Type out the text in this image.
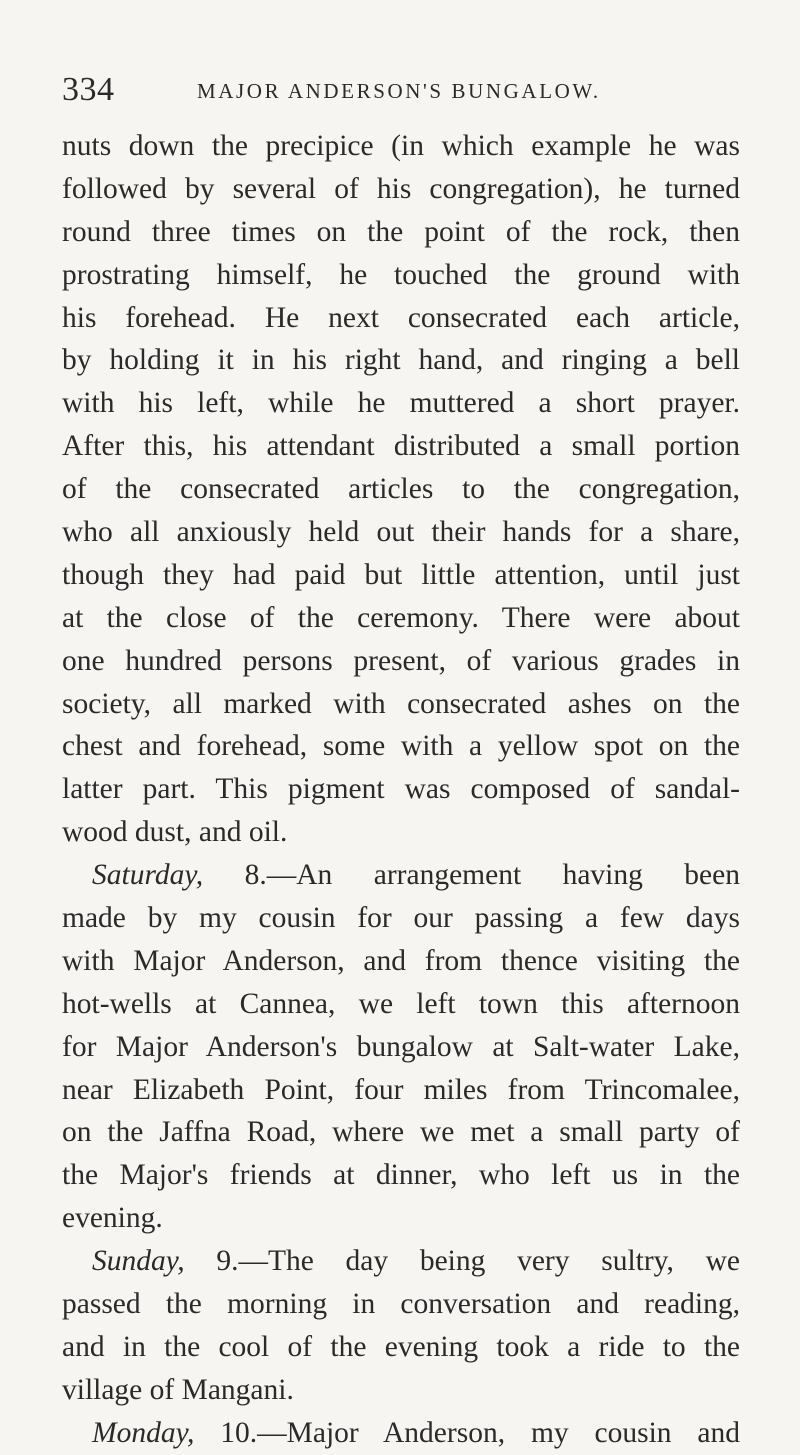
334	MAJOR ANDERSON'S BUNGALOW.
nuts down the precipice (in which example he was
followed by several of his congregation), he turned
round three times on the point of the rock, then
prostrating himself, he touched the ground with
his forehead. He next consecrated each article,
by holding it in his right hand, and ringing a bell
with his left, while he muttered a short prayer.
After this, his attendant distributed a small portion
of the consecrated articles to the congregation,
who all anxiously held out their hands for a share,
though they had paid but little attention, until just
at the close of the ceremony. There were about
one hundred persons present, of various grades in
society, all marked with consecrated ashes on the
chest and forehead, some with a yellow spot on the
latter part. This pigment was composed of sandal-
wood dust, and oil.
Saturday, 8.—An arrangement having been
made by my cousin for our passing a few days
with Major Anderson, and from thence visiting the
hot-wells at Cannea, we left town this afternoon
for Major Anderson's bungalow at Salt-water Lake,
near Elizabeth Point, four miles from Trincomalee,
on the Jaffna Road, where we met a small party of
the Major's friends at dinner, who left us in the
evening.
Sunday, 9.—The day being very sultry, we
passed the morning in conversation and reading,
and in the cool of the evening took a ride to the
village of Mangani.
Monday, 10.—Major Anderson, my cousin and
